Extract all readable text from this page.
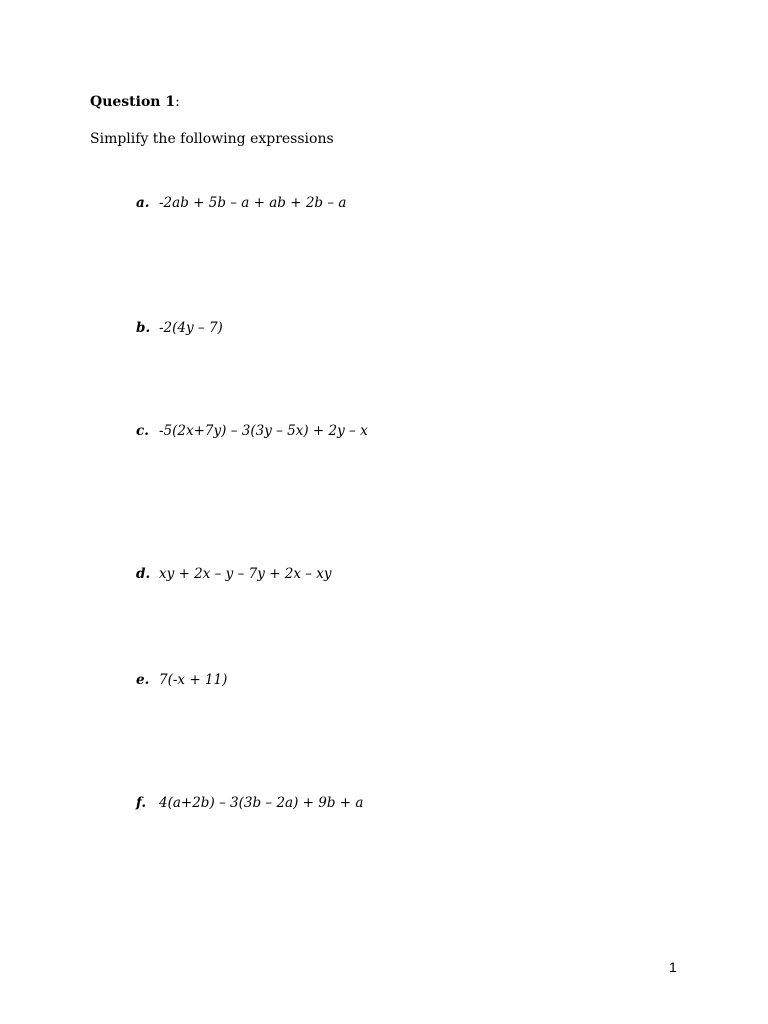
Question 1:
Simplify the following expressions
a. -2ab + 5b – a + ab + 2b – a
b. -2(4y – 7)
c. -5(2x+7y) – 3(3y – 5x) + 2y – x
d. xy + 2x – y – 7y + 2x – xy
e. 7(-x + 11)
f. 4(a+2b) – 3(3b – 2a) + 9b + a
1
